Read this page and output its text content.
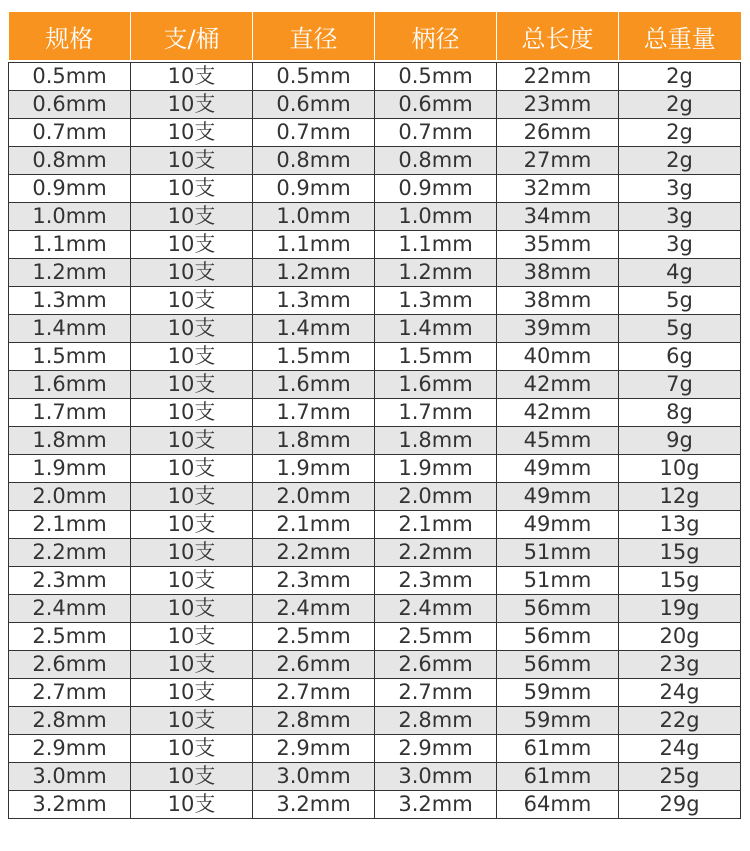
规格	支/桶	直径	柄径	总长度	总重量

0.5mm	10支	0.5mm	0.5mm	22mm	2g
0.6mm	10支	0.6mm	0.6mm	23mm	2g
0.7mm	10支	0.7mm	0.7mm	26mm	2g
0.8mm	10支	0.8mm	0.8mm	27mm	2g
0.9mm	10支	0.9mm	0.9mm	32mm	3g
1.0mm	10支	1.0mm	1.0mm	34mm	3g
1.1mm	10支	1.1mm	1.1mm	35mm	3g
1.2mm	10支	1.2mm	1.2mm	38mm	4g
1.3mm	10支	1.3mm	1.3mm	38mm	5g
1.4mm	10支	1.4mm	1.4mm	39mm	5g
1.5mm	10支	1.5mm	1.5mm	40mm	6g
1.6mm	10支	1.6mm	1.6mm	42mm	7g
1.7mm	10支	1.7mm	1.7mm	42mm	8g
1.8mm	10支	1.8mm	1.8mm	45mm	9g
1.9mm	10支	1.9mm	1.9mm	49mm	10g
2.0mm	10支	2.0mm	2.0mm	49mm	12g
2.1mm	10支	2.1mm	2.1mm	49mm	13g
2.2mm	10支	2.2mm	2.2mm	51mm	15g
2.3mm	10支	2.3mm	2.3mm	51mm	15g
2.4mm	10支	2.4mm	2.4mm	56mm	19g
2.5mm	10支	2.5mm	2.5mm	56mm	20g
2.6mm	10支	2.6mm	2.6mm	56mm	23g
2.7mm	10支	2.7mm	2.7mm	59mm	24g
2.8mm	10支	2.8mm	2.8mm	59mm	22g
2.9mm	10支	2.9mm	2.9mm	61mm	24g
3.0mm	10支	3.0mm	3.0mm	61mm	25g
3.2mm	10支	3.2mm	3.2mm	64mm	29g
